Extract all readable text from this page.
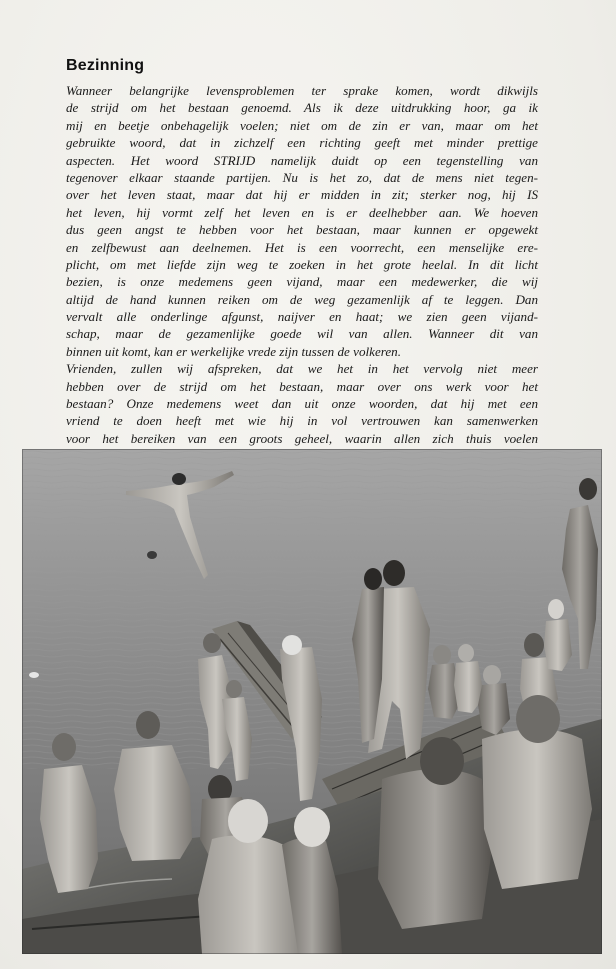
Bezinning
Wanneer belangrijke levensproblemen ter sprake komen, wordt dikwijls
de strijd om het bestaan genoemd. Als ik deze uitdrukking hoor, ga ik
mij en beetje onbehagelijk voelen; niet om de zin er van, maar om het
gebruikte woord, dat in zichzelf een richting geeft met minder prettige
aspecten. Het woord STRIJD namelijk duidt op een tegenstelling van
tegenover elkaar staande partijen. Nu is het zo, dat de mens niet tegen-
over het leven staat, maar dat hij er midden in zit; sterker nog, hij IS
het leven, hij vormt zelf het leven en is er deelhebber aan. We hoeven
dus geen angst te hebben voor het bestaan, maar kunnen er opgewekt
en zelfbewust aan deelnemen. Het is een voorrecht, een menselijke ere-
plicht, om met liefde zijn weg te zoeken in het grote heelal. In dit licht
bezien, is onze medemens geen vijand, maar een medewerker, die wij
altijd de hand kunnen reiken om de weg gezamenlijk af te leggen. Dan
vervalt alle onderlinge afgunst, naijver en haat; we zien geen vijand-
schap, maar de gezamenlijke goede wil van allen. Wanneer dit van
binnen uit komt, kan er werkelijke vrede zijn tussen de volkeren.
Vrienden, zullen wij afspreken, dat we het in het vervolg niet meer
hebben over de strijd om het bestaan, maar over ons werk voor het
bestaan? Onze medemens weet dan uit onze woorden, dat hij met een
vriend te doen heeft met wie hij in vol vertrouwen kan samenwerken
voor het bereiken van een groots geheel, waarin allen zich thuis voelen
